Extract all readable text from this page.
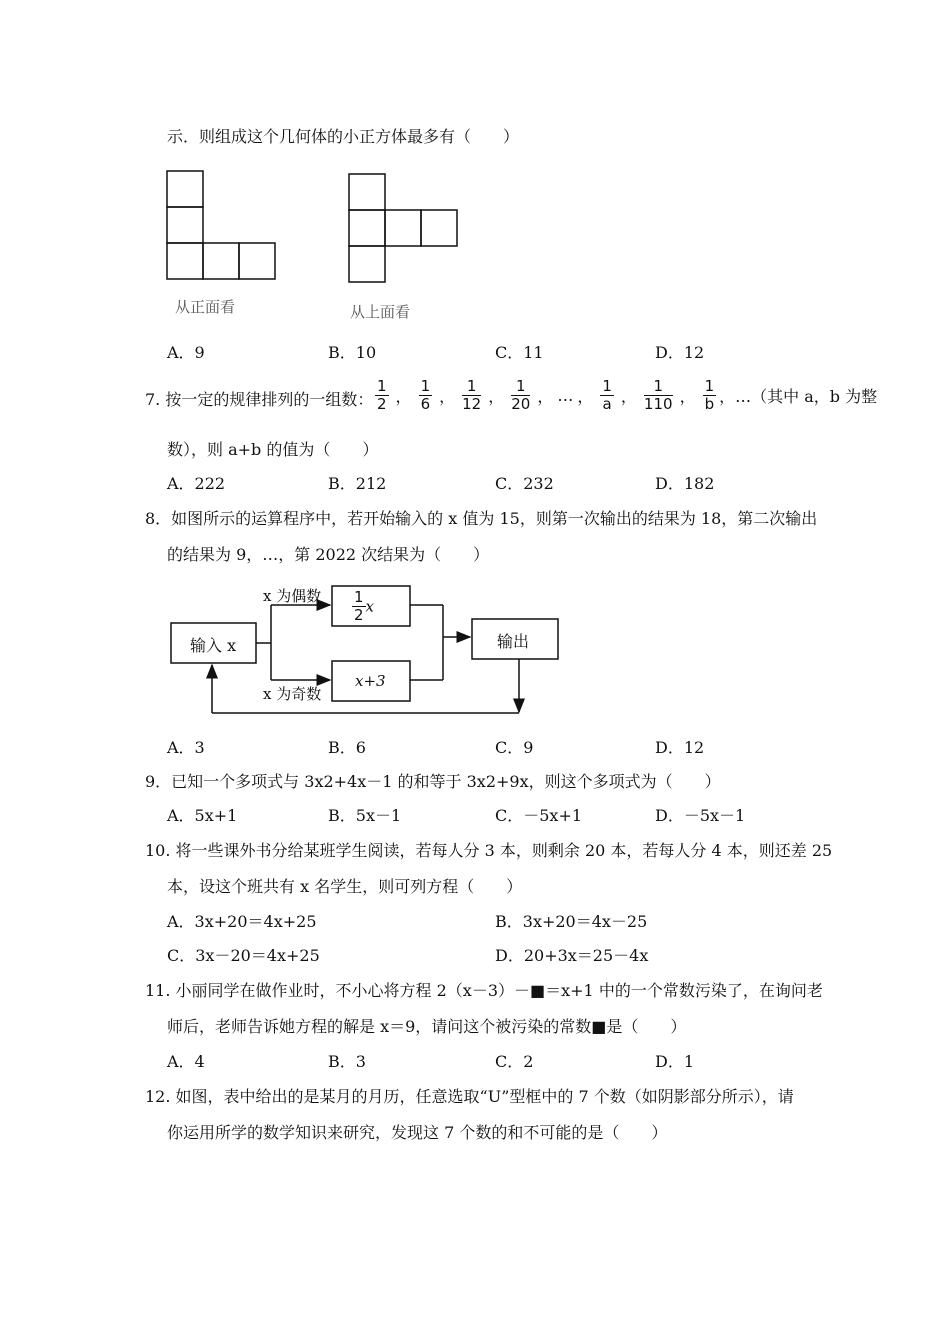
示．则组成这个几何体的小正方体最多有（　　）
从正面看	从上面看
A．9	B．10	C．11	D．12
7. 按一定的规律排列的一组数： $\frac{1}{2}$ ， $\frac{1}{6}$ ， $\frac{1}{12}$ ， $\frac{1}{20}$ ， … ， $\frac{1}{a}$ ， $\frac{1}{110}$ ， $\frac{1}{b}$ ，…（其中 a，b 为整
数），则 a+b 的值为（　　）
A．222	B．212	C．232	D．182
8．如图所示的运算程序中，若开始输入的 x 值为 15，则第一次输出的结果为 18，第二次输出
的结果为 9，…，第 2022 次结果为（　　）
输入 x
x 为偶数
x 为奇数
$\frac{1}{2}$ x
x+3
输出
A．3	B．6	C．9	D．12
9．已知一个多项式与 3x2+4x－1 的和等于 3x2+9x，则这个多项式为（　　）
A．5x+1	B．5x－1	C．－5x+1	D．－5x－1
10. 将一些课外书分给某班学生阅读，若每人分 3 本，则剩余 20 本，若每人分 4 本，则还差 25
本，设这个班共有 x 名学生，则可列方程（　　）
A．3x+20＝4x+25	B．3x+20＝4x－25
C．3x－20＝4x+25	D．20+3x＝25－4x
11. 小丽同学在做作业时，不小心将方程 2（x－3）－■＝x+1 中的一个常数污染了，在询问老
师后，老师告诉她方程的解是 x＝9，请问这个被污染的常数■是（　　）
A．4	B．3	C．2	D．1
12. 如图，表中给出的是某月的月历，任意选取“U”型框中的 7 个数（如阴影部分所示），请
你运用所学的数学知识来研究，发现这 7 个数的和不可能的是（　　）
